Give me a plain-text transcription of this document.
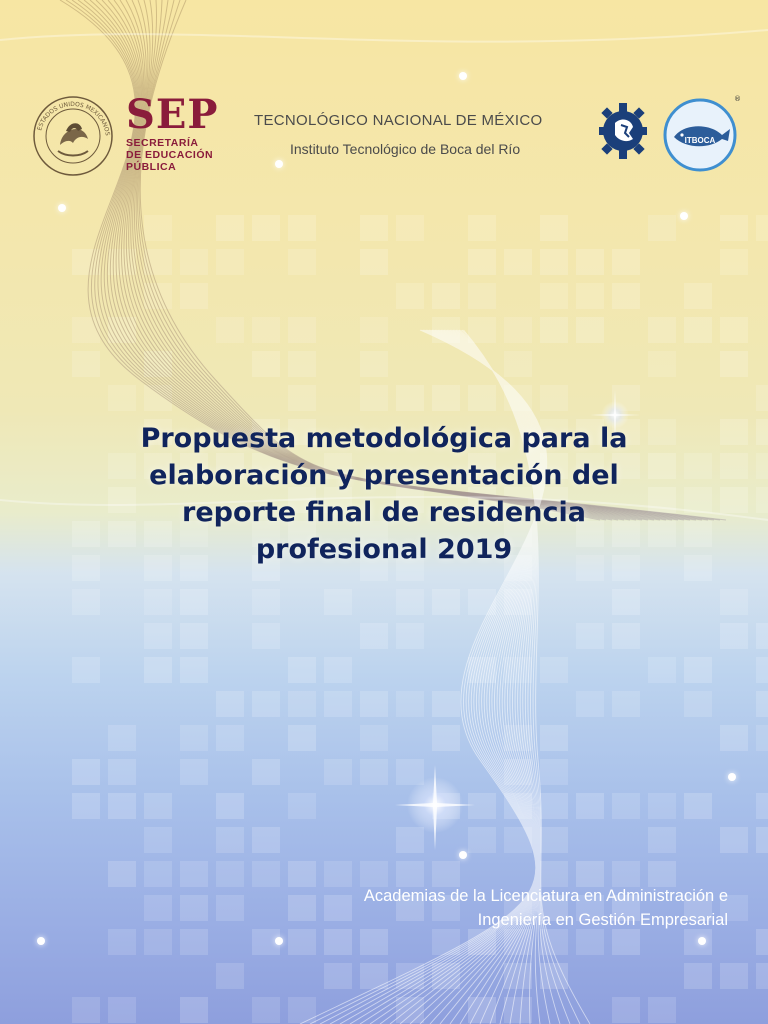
ESTADOS UNIDOS MEXICANOS SEP
SECRETARÍA
DE EDUCACIÓN
PÚBLICA
TECNOLÓGICO NACIONAL DE MÉXICO
Instituto Tecnológico de Boca del Río
ITBOCA
®
Propuesta metodológica para la
elaboración y presentación del
reporte final de residencia
profesional 2019
Academias de la Licenciatura en Administración e
Ingeniería en Gestión Empresarial
